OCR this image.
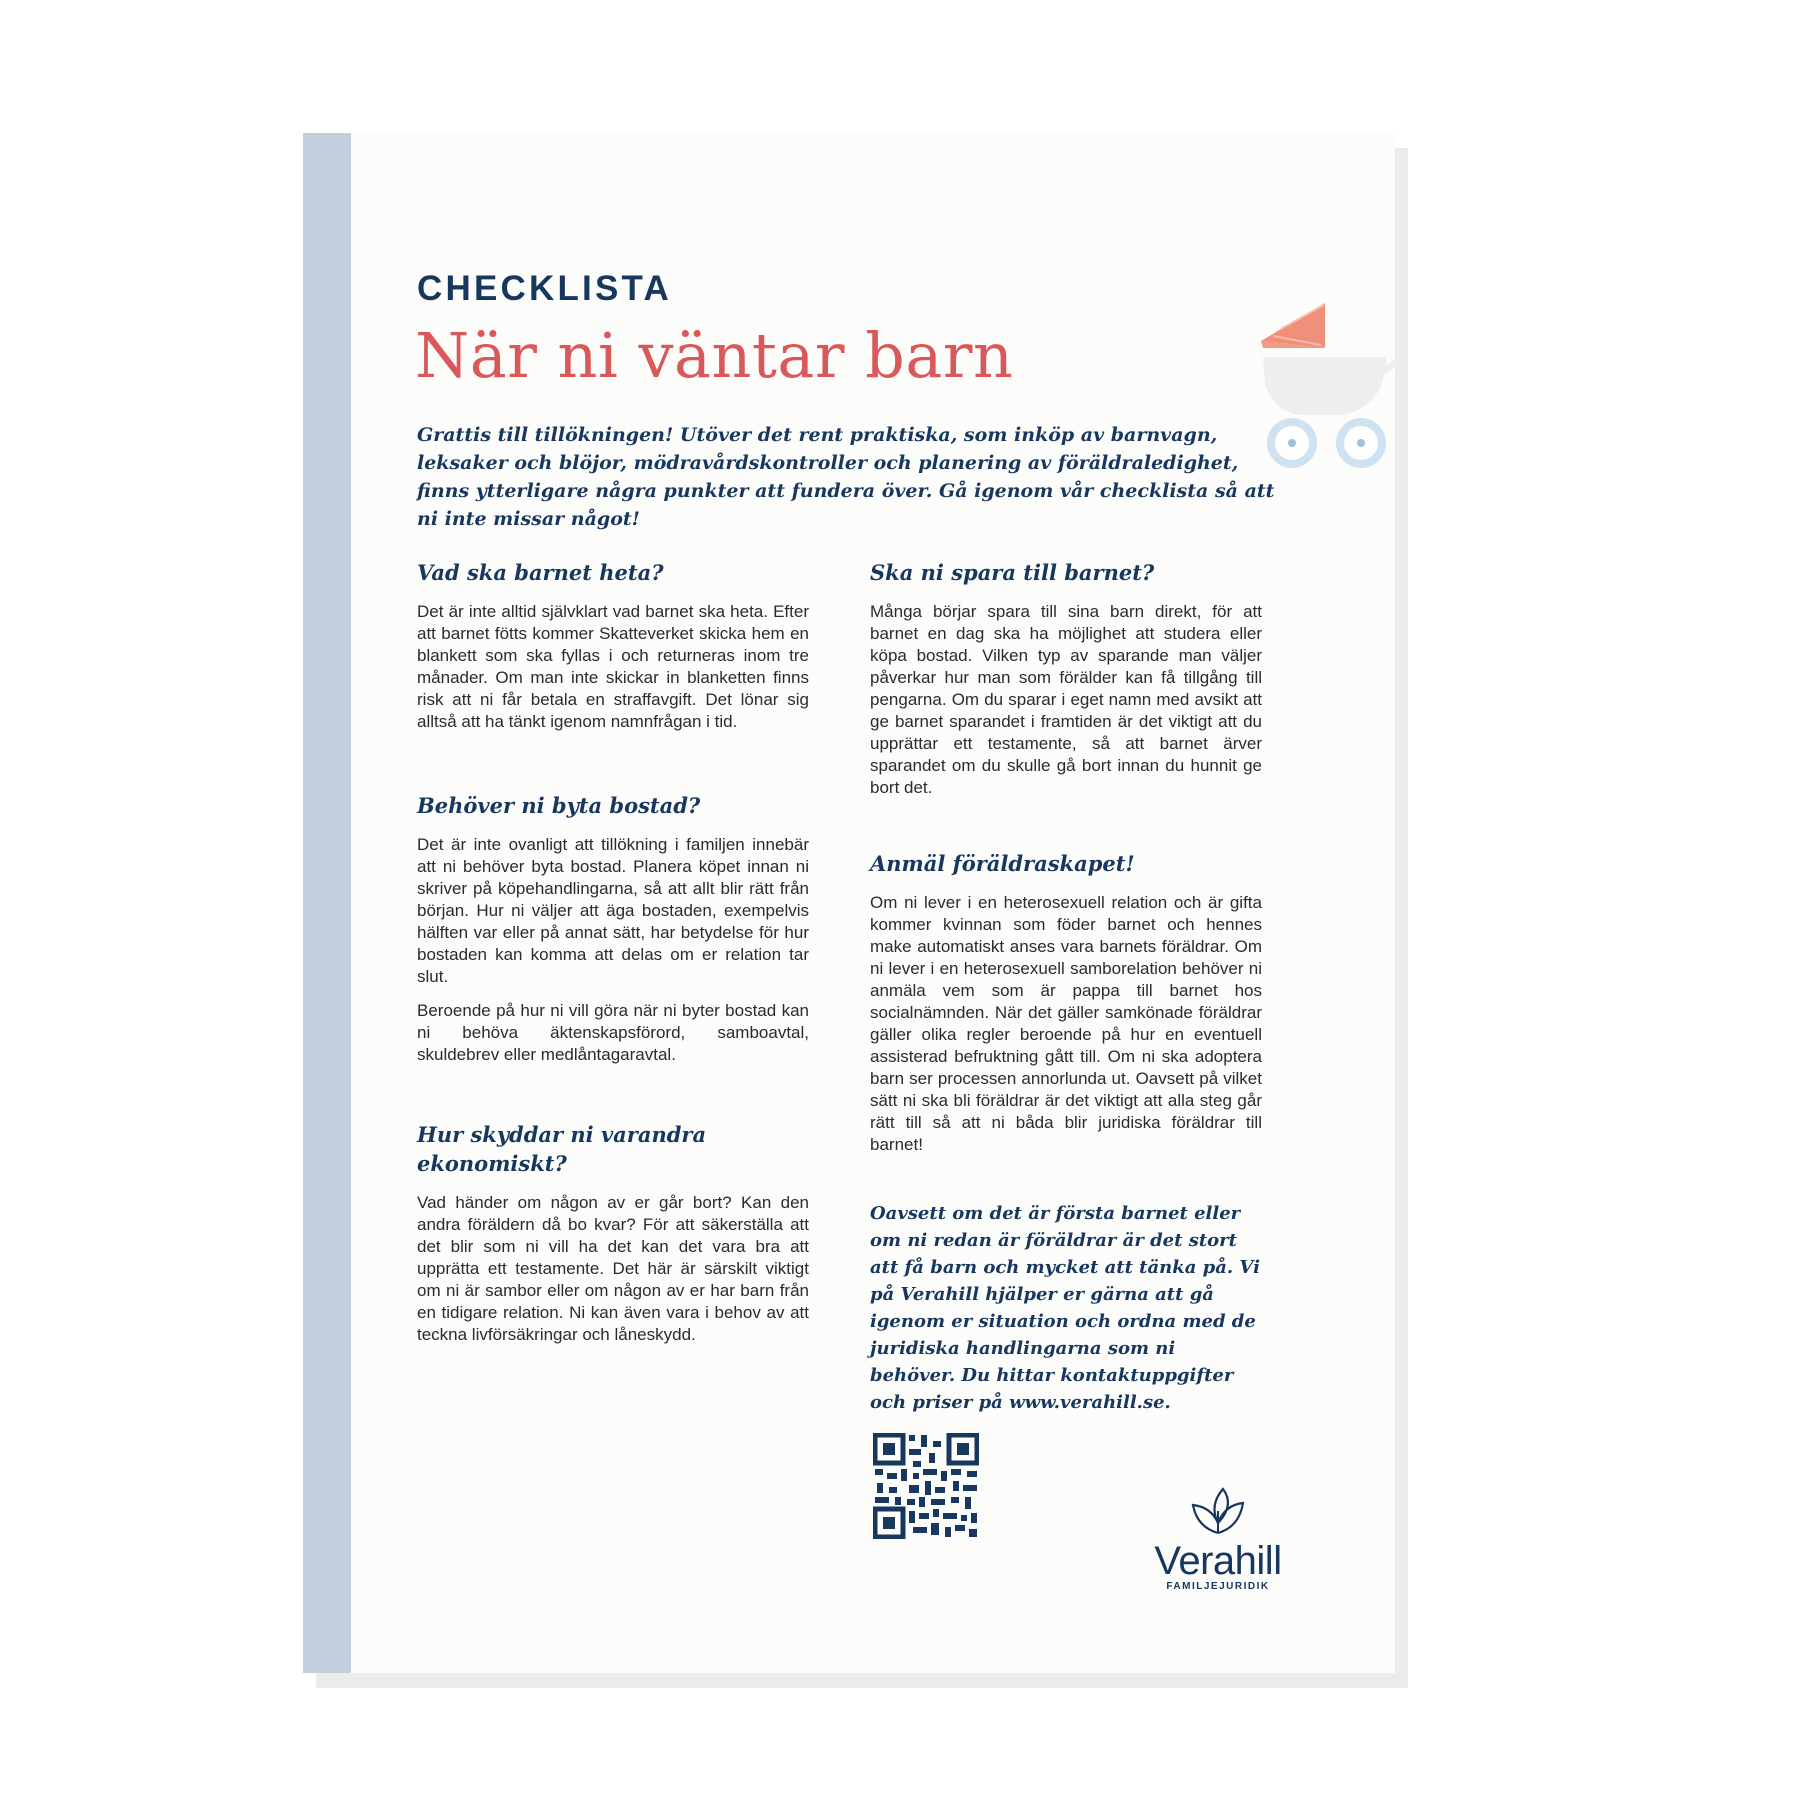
CHECKLISTA
När ni väntar barn

Grattis till tillökningen! Utöver det rent praktiska, som inköp av barnvagn, leksaker och blöjor, mödravårdskontroller och planering av föräldraledighet, finns ytterligare några punkter att fundera över. Gå igenom vår checklista så att ni inte missar något!

Vad ska barnet heta?

Det är inte alltid självklart vad barnet ska heta. Efter att barnet fötts kommer Skatteverket skicka hem en blankett som ska fyllas i och returneras inom tre månader. Om man inte skickar in blanketten finns risk att ni får betala en straffavgift. Det lönar sig alltså att ha tänkt igenom namnfrågan i tid.

Behöver ni byta bostad?

Det är inte ovanligt att tillökning i familjen innebär att ni behöver byta bostad. Planera köpet innan ni skriver på köpehandlingarna, så att allt blir rätt från början. Hur ni väljer att äga bostaden, exempelvis hälften var eller på annat sätt, har betydelse för hur bostaden kan komma att delas om er relation tar slut.

Beroende på hur ni vill göra när ni byter bostad kan ni behöva äktenskapsförord, samboavtal, skuldebrev eller medlåntagaravtal.

Hur skyddar ni varandra ekonomiskt?

Vad händer om någon av er går bort? Kan den andra föräldern då bo kvar? För att säkerställa att det blir som ni vill ha det kan det vara bra att upprätta ett testamente. Det här är särskilt viktigt om ni är sambor eller om någon av er har barn från en tidigare relation. Ni kan även vara i behov av att teckna livförsäkringar och låneskydd.

Ska ni spara till barnet?

Många börjar spara till sina barn direkt, för att barnet en dag ska ha möjlighet att studera eller köpa bostad. Vilken typ av sparande man väljer påverkar hur man som förälder kan få tillgång till pengarna. Om du sparar i eget namn med avsikt att ge barnet sparandet i framtiden är det viktigt att du upprättar ett testamente, så att barnet ärver sparandet om du skulle gå bort innan du hunnit ge bort det.

Anmäl föräldraskapet!

Om ni lever i en heterosexuell relation och är gifta kommer kvinnan som föder barnet och hennes make automatiskt anses vara barnets föräldrar. Om ni lever i en heterosexuell samborelation behöver ni anmäla vem som är pappa till barnet hos socialnämnden. När det gäller samkönade föräldrar gäller olika regler beroende på hur en eventuell assisterad befruktning gått till. Om ni ska adoptera barn ser processen annorlunda ut. Oavsett på vilket sätt ni ska bli föräldrar är det viktigt att alla steg går rätt till så att ni båda blir juridiska föräldrar till barnet!

Oavsett om det är första barnet eller om ni redan är föräldrar är det stort att få barn och mycket att tänka på. Vi på Verahill hjälper er gärna att gå igenom er situation och ordna med de juridiska handlingarna som ni behöver. Du hittar kontaktuppgifter och priser på www.verahill.se.

Verahill
FAMILJEJURIDIK
